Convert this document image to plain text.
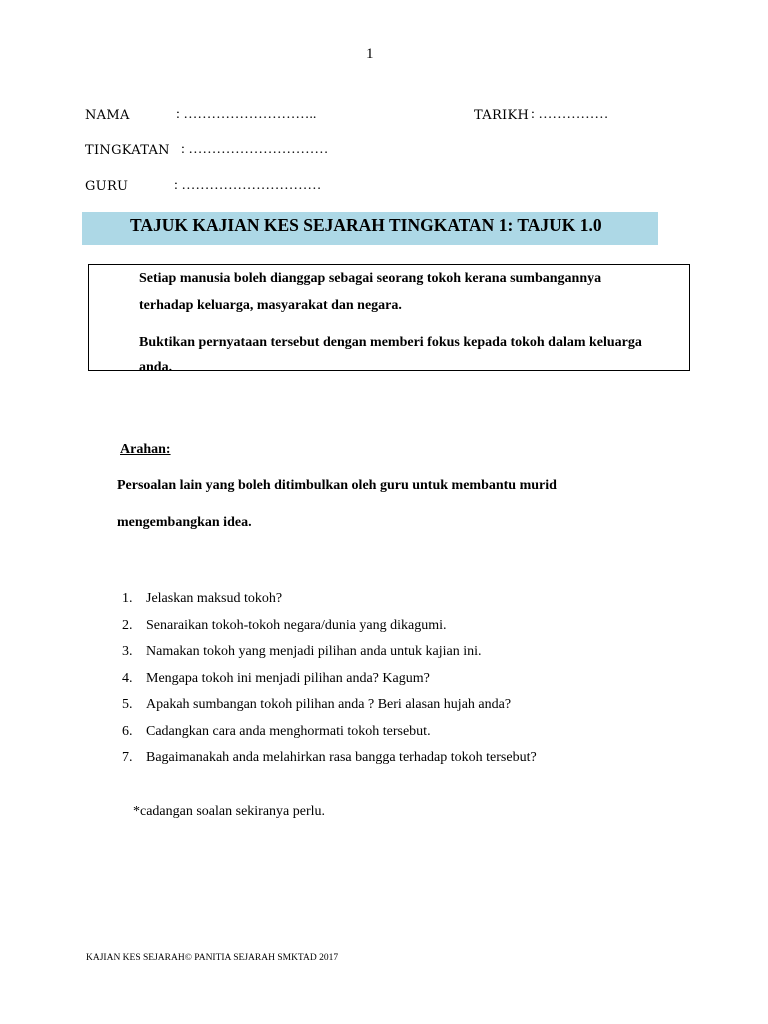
1
NAMA	: ………………………..	TARIKH : ……………
TINGKATAN : …………………………
GURU	: …………………………
TAJUK KAJIAN KES SEJARAH TINGKATAN 1: TAJUK 1.0
Setiap manusia boleh dianggap sebagai seorang tokoh kerana sumbangannya
terhadap keluarga, masyarakat dan negara.
Buktikan pernyataan tersebut dengan memberi fokus kepada tokoh dalam keluarga
anda.
Arahan:
Persoalan lain yang boleh ditimbulkan oleh guru untuk membantu murid
mengembangkan idea.
1. Jelaskan maksud tokoh?
2. Senaraikan tokoh-tokoh negara/dunia yang dikagumi.
3. Namakan tokoh yang menjadi pilihan anda untuk kajian ini.
4. Mengapa tokoh ini menjadi pilihan anda? Kagum?
5. Apakah sumbangan tokoh pilihan anda ? Beri alasan hujah anda?
6. Cadangkan cara anda menghormati tokoh tersebut.
7. Bagaimanakah anda melahirkan rasa bangga terhadap tokoh tersebut?
*cadangan soalan sekiranya perlu.
KAJIAN KES SEJARAH© PANITIA SEJARAH SMKTAD 2017
